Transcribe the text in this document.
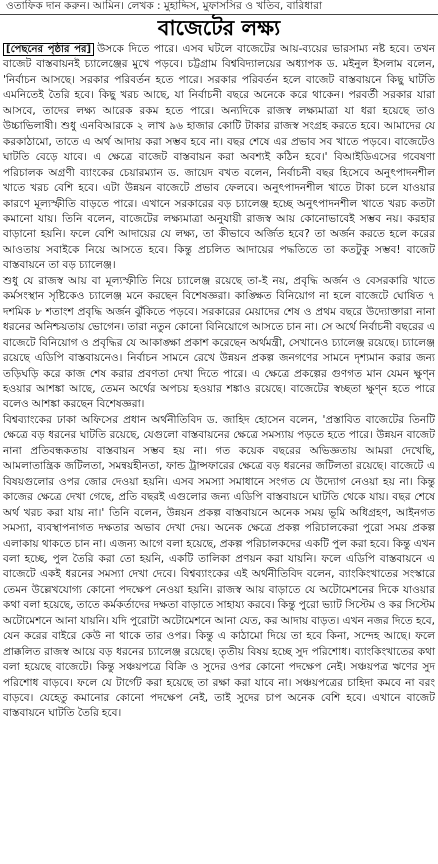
ওতাফিক দান করুন। আমিন। লেখক : মুহাদ্দিস, মুফাসসির ও খতিব, বারিধারা
বাজেটের লক্ষ্য

[পেছনের পৃষ্ঠার পর] উসকে দিতে পারে। এসব ঘটলে বাজেটের আয়-ব্যয়ের ভারসাম্য নষ্ট হবে। তখন বাজেট বাস্তবায়নই চ্যালেঞ্জের মুখে পড়বে। চট্টগ্রাম বিশ্ববিদ্যালয়ের অধ্যাপক ড. মইনুল ইসলাম বলেন, 'নির্বাচন আসছে। সরকার পরিবর্তন হতে পারে। সরকার পরিবর্তন হলে বাজেট বাস্তবায়নে কিছু ঘাটতি এমনিতেই তৈরি হবে। কিছু খরচ আছে, যা নির্বাচনী বছরে অনেকে করে থাকেন। পরবর্তী সরকার যারা আসবে, তাদের লক্ষ্য আরেক রকম হতে পারে। অন্যদিকে রাজস্ব লক্ষ্যমাত্রা যা ধরা হয়েছে তাও উচ্চাভিলাষী। শুধু এনবিআরকে ২ লাখ ৯৬ হাজার কোটি টাকার রাজস্ব সংগ্রহ করতে হবে। আমাদের যে করকাঠামো, তাতে এ অর্থ আদায় করা সম্ভব হবে না। বছর শেষে এর প্রভাব সব খাতে পড়বে। বাজেটেও ঘাটতি বেড়ে যাবে। এ ক্ষেত্রে বাজেট বাস্তবায়ন করা অবশ্যই কঠিন হবে।' বিআইডিএসের গবেষণা পরিচালক অগ্রণী ব্যাংকের চেয়ারম্যান ড. জায়েদ বখত বলেন, নির্বাচনী বছর হিসেবে অনুৎপাদনশীল খাতে খরচ বেশি হবে। এটা উন্নয়ন বাজেটে প্রভাব ফেলবে। অনুৎপাদনশীল খাতে টাকা চলে যাওয়ার কারণে মূল্যস্ফীতি বাড়তে পারে। এখানে সরকারের বড় চ্যালেঞ্জ হচ্ছে অনুৎপাদনশীল খাতে খরচ কতটা কমানো যায়। তিনি বলেন, বাজেটের লক্ষ্যমাত্রা অনুযায়ী রাজস্ব আয় কোনোভাবেই সম্ভব নয়। করহার বাড়ানো হয়নি। ফলে বেশি আদায়ের যে লক্ষ্য, তা কীভাবে অর্জিত হবে? তা অর্জন করতে হলে করের আওতায় সবাইকে নিয়ে আসতে হবে। কিন্তু প্রচলিত আদায়ের পদ্ধতিতে তা কতটুকু সম্ভব! বাজেট বাস্তবায়নে তা বড় চ্যালেঞ্জ।

শুধু যে রাজস্ব আয় বা মূল্যস্ফীতি নিয়ে চ্যালেঞ্জ রয়েছে তা-ই নয়, প্রবৃদ্ধি অর্জন ও বেসরকারি খাতে কর্মসংস্থান সৃষ্টিকেও চ্যালেঞ্জ মনে করছেন বিশেষজ্ঞরা। কাঙ্ক্ষিত বিনিয়োগ না হলে বাজেটে ঘোষিত ৭ দশমিক ৮ শতাংশ প্রবৃদ্ধি অর্জন ঝুঁকিতে পড়বে। সরকারের মেয়াদের শেষ ও প্রথম বছরে উদ্যোক্তারা নানা ধরনের অনিশ্চয়তায় ভোগেন। তারা নতুন কোনো বিনিয়োগে আসতে চান না। সে অর্থে নির্বাচনী বছরের এ বাজেটে বিনিয়োগ ও প্রবৃদ্ধির যে আকাঙ্ক্ষা প্রকাশ করেছেন অর্থমন্ত্রী, সেখানেও চ্যালেঞ্জ রয়েছে। চ্যালেঞ্জ রয়েছে এডিপি বাস্তবায়নেও। নির্বাচন সামনে রেখে উন্নয়ন প্রকল্প জনগণের সামনে দৃশ্যমান করার জন্য তড়িঘড়ি করে কাজ শেষ করার প্রবণতা দেখা দিতে পারে। এ ক্ষেত্রে প্রকল্পের গুণগত মান যেমন ক্ষুণ্ন হওয়ার আশঙ্কা আছে, তেমন অর্থের অপচয় হওয়ার শঙ্কাও রয়েছে। বাজেটের স্বচ্ছতা ক্ষুণ্ন হতে পারে বলেও আশঙ্কা করছেন বিশেষজ্ঞরা।

বিশ্বব্যাংকের ঢাকা অফিসের প্রধান অর্থনীতিবিদ ড. জাহিদ হোসেন বলেন, 'প্রস্তাবিত বাজেটের তিনটি ক্ষেত্রে বড় ধরনের ঘাটতি রয়েছে, যেগুলো বাস্তবায়নের ক্ষেত্রে সমস্যায় পড়তে হতে পারে। উন্নয়ন বাজেট নানা প্রতিবন্ধকতায় বাস্তবায়ন সম্ভব হয় না। গত কয়েক বছরের অভিজ্ঞতায় আমরা দেখেছি, আমলাতান্ত্রিক জটিলতা, সমন্বয়হীনতা, ফান্ড ট্রান্সফারের ক্ষেত্রে বড় ধরনের জটিলতা রয়েছে। বাজেটে এ বিষয়গুলোর ওপর জোর দেওয়া হয়নি। এসব সমস্যা সমাধানে সংগত যে উদ্যোগ নেওয়া হয় না। কিন্তু কাজের ক্ষেত্রে দেখা গেছে, প্রতি বছরই এগুলোর জন্য এডিপি বাস্তবায়নে ঘাটতি থেকে যায়। বছর শেষে অর্থ খরচ করা যায় না।' তিনি বলেন, উন্নয়ন প্রকল্প বাস্তবায়নে অনেক সময় ভূমি অধিগ্রহণ, আইনগত সমস্যা, ব্যবস্থাপনাগত দক্ষতার অভাব দেখা দেয়। অনেক ক্ষেত্রে প্রকল্প পরিচালকেরা পুরো সময় প্রকল্প এলাকায় থাকতে চান না। এজন্য আগে বলা হয়েছে, প্রকল্প পরিচালকদের একটি পুল করা হবে। কিন্তু এখন বলা হচ্ছে, পুল তৈরি করা তো হয়নি, একটি তালিকা প্রণয়ন করা যায়নি। ফলে এডিপি বাস্তবায়নে এ বাজেটে একই ধরনের সমস্যা দেখা দেবে। বিশ্বব্যাংকের এই অর্থনীতিবিদ বলেন, ব্যাংকিংখাতের সংস্কারে তেমন উল্লেখযোগ্য কোনো পদক্ষেপ নেওয়া হয়নি। রাজস্ব আয় বাড়াতে যে অটোমেশনের দিকে যাওয়ার কথা বলা হয়েছে, তাতে কর্মকর্তাদের দক্ষতা বাড়াতে সাহায্য করবে। কিন্তু পুরো ভ্যাট সিস্টেম ও কর সিস্টেম অটোমেশনে আনা যায়নি। যদি পুরোটা অটোমেশনে আনা যেত, কর আদায় বাড়ত। এখন নজর দিতে হবে, যেন করের বাইরে কেউ না থাকে তার ওপর। কিন্তু এ কাঠামো দিয়ে তা হবে কিনা, সন্দেহ আছে। ফলে প্রাক্কলিত রাজস্ব আয়ে বড় ধরনের চ্যালেঞ্জ রয়েছে। তৃতীয় বিষয় হচ্ছে সুদ পরিশোধ। ব্যাংকিংখাতের কথা বলা হয়েছে বাজেটে। কিন্তু সঞ্চয়পত্রে বিক্রি ও সুদের ওপর কোনো পদক্ষেপ নেই। সঞ্চয়পত্র ঋণের সুদ পরিশোধ বাড়বে। ফলে যে টার্গেট করা হয়েছে তা রক্ষা করা যাবে না। সঞ্চয়পত্রের চাহিদা কমবে না বরং বাড়বে। যেহেতু কমানোর কোনো পদক্ষেপ নেই, তাই সুদের চাপ অনেক বেশি হবে। এখানে বাজেট বাস্তবায়নে ঘাটতি তৈরি হবে।
